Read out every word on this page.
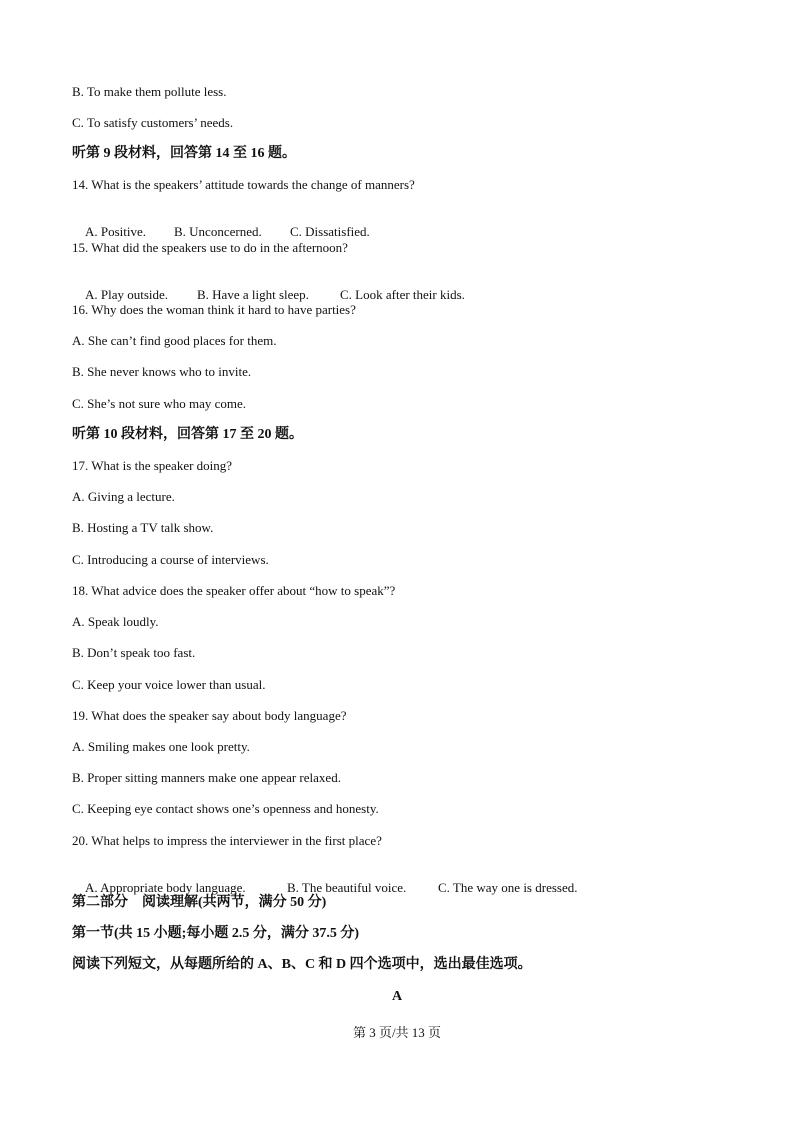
B. To make them pollute less.
C. To satisfy customers’ needs.
听第 9 段材料，回答第 14 至 16 题。
14. What is the speakers’ attitude towards the change of manners?

A. Positive. B. Unconcerned. C. Dissatisfied.

15. What did the speakers use to do in the afternoon?

A. Play outside. B. Have a light sleep. C. Look after their kids.

16. Why does the woman think it hard to have parties?
A. She can’t find good places for them.
B. She never knows who to invite.
C. She’s not sure who may come.
听第 10 段材料，回答第 17 至 20 题。
17. What is the speaker doing?
A. Giving a lecture.
B. Hosting a TV talk show.
C. Introducing a course of interviews.
18. What advice does the speaker offer about “how to speak”?
A. Speak loudly.
B. Don’t speak too fast.
C. Keep your voice lower than usual.
19. What does the speaker say about body language?
A. Smiling makes one look pretty.
B. Proper sitting manners make one appear relaxed.
C. Keeping eye contact shows one’s openness and honesty.
20. What helps to impress the interviewer in the first place?

A. Appropriate body language.	B. The beautiful voice. C. The way one is dressed.

第二部分    阅读理解(共两节，满分 50 分)
第一节(共 15 小题;每小题 2.5 分，满分 37.5 分)
阅读下列短文，从每题所给的 A、B、C 和 D 四个选项中，选出最佳选项。
A
第 3 页/共 13 页
